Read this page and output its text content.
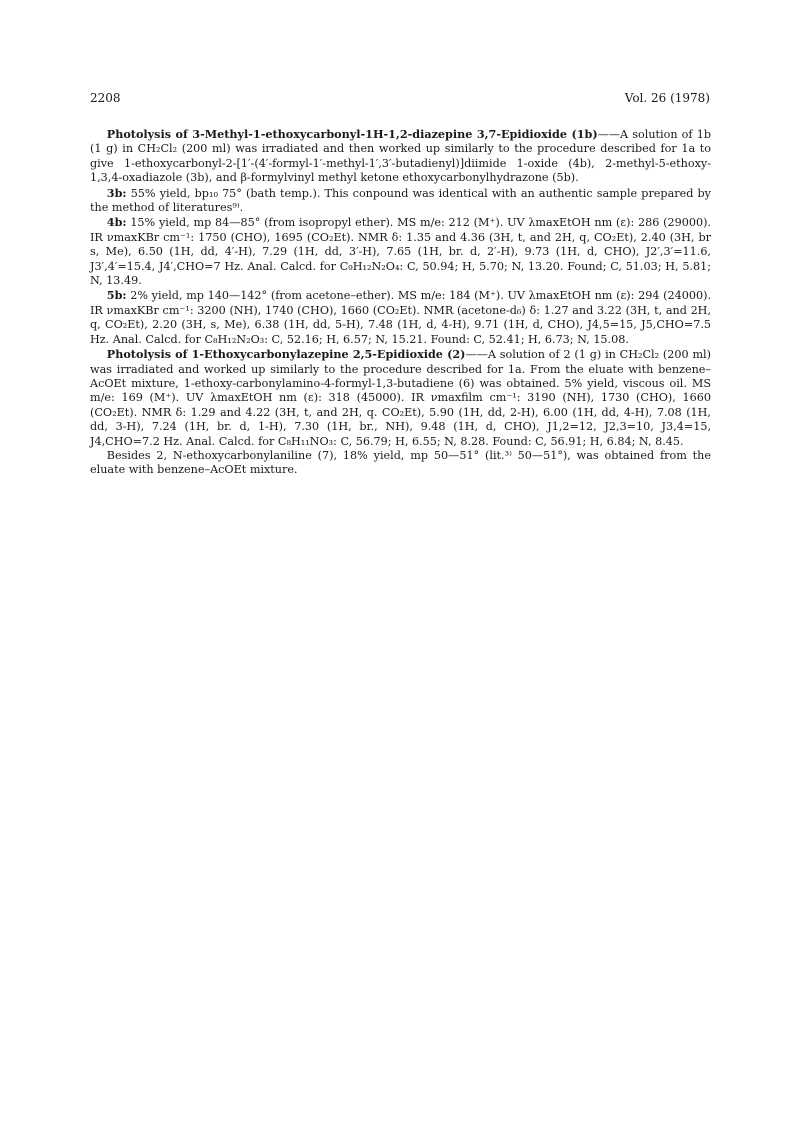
2208	Vol. 26 (1978)

Photolysis of 3-Methyl-1-ethoxycarbonyl-1H-1,2-diazepine 3,7-Epidioxide (1b)——A solution of 1b (1 g) in CH₂Cl₂ (200 ml) was irradiated and then worked up similarly to the procedure described for 1a to give 1-ethoxycarbonyl-2-[1′-(4′-formyl-1′-methyl-1′,3′-butadienyl)]diimide 1-oxide (4b), 2-methyl-5-ethoxy-1,3,4-oxadiazole (3b), and β-formylvinyl methyl ketone ethoxycarbonylhydrazone (5b).

3b: 55% yield, bp₁₀ 75° (bath temp.). This conpound was identical with an authentic sample prepared by the method of literatures⁹⁾.

4b: 15% yield, mp 84—85° (from isopropyl ether). MS m/e: 212 (M⁺). UV λmaxEtOH nm (ε): 286 (29000). IR νmaxKBr cm⁻¹: 1750 (CHO), 1695 (CO₂Et). NMR δ: 1.35 and 4.36 (3H, t, and 2H, q, CO₂Et), 2.40 (3H, br s, Me), 6.50 (1H, dd, 4′-H), 7.29 (1H, dd, 3′-H), 7.65 (1H, br. d, 2′-H), 9.73 (1H, d, CHO), J2′,3′=11.6, J3′,4′=15.4, J4′,CHO=7 Hz. Anal. Calcd. for C₉H₁₂N₂O₄: C, 50.94; H, 5.70; N, 13.20. Found; C, 51.03; H, 5.81; N, 13.49.

5b: 2% yield, mp 140—142° (from acetone–ether). MS m/e: 184 (M⁺). UV λmaxEtOH nm (ε): 294 (24000). IR νmaxKBr cm⁻¹: 3200 (NH), 1740 (CHO), 1660 (CO₂Et). NMR (acetone-d₆) δ: 1.27 and 3.22 (3H, t, and 2H, q, CO₂Et), 2.20 (3H, s, Me), 6.38 (1H, dd, 5-H), 7.48 (1H, d, 4-H), 9.71 (1H, d, CHO), J4,5=15, J5,CHO=7.5 Hz. Anal. Calcd. for C₈H₁₂N₂O₃: C, 52.16; H, 6.57; N, 15.21. Found: C, 52.41; H, 6.73; N, 15.08.

Photolysis of 1-Ethoxycarbonylazepine 2,5-Epidioxide (2)——A solution of 2 (1 g) in CH₂Cl₂ (200 ml) was irradiated and worked up similarly to the procedure described for 1a. From the eluate with benzene–AcOEt mixture, 1-ethoxy-carbonylamino-4-formyl-1,3-butadiene (6) was obtained. 5% yield, viscous oil. MS m/e: 169 (M⁺). UV λmaxEtOH nm (ε): 318 (45000). IR νmaxfilm cm⁻¹: 3190 (NH), 1730 (CHO), 1660 (CO₂Et). NMR δ: 1.29 and 4.22 (3H, t, and 2H, q. CO₂Et), 5.90 (1H, dd, 2-H), 6.00 (1H, dd, 4-H), 7.08 (1H, dd, 3-H), 7.24 (1H, br. d, 1-H), 7.30 (1H, br., NH), 9.48 (1H, d, CHO), J1,2=12, J2,3=10, J3,4=15, J4,CHO=7.2 Hz. Anal. Calcd. for C₈H₁₁NO₃: C, 56.79; H, 6.55; N, 8.28. Found: C, 56.91; H, 6.84; N, 8.45.

Besides 2, N-ethoxycarbonylaniline (7), 18% yield, mp 50—51° (lit.³⁾ 50—51°), was obtained from the eluate with benzene–AcOEt mixture.
